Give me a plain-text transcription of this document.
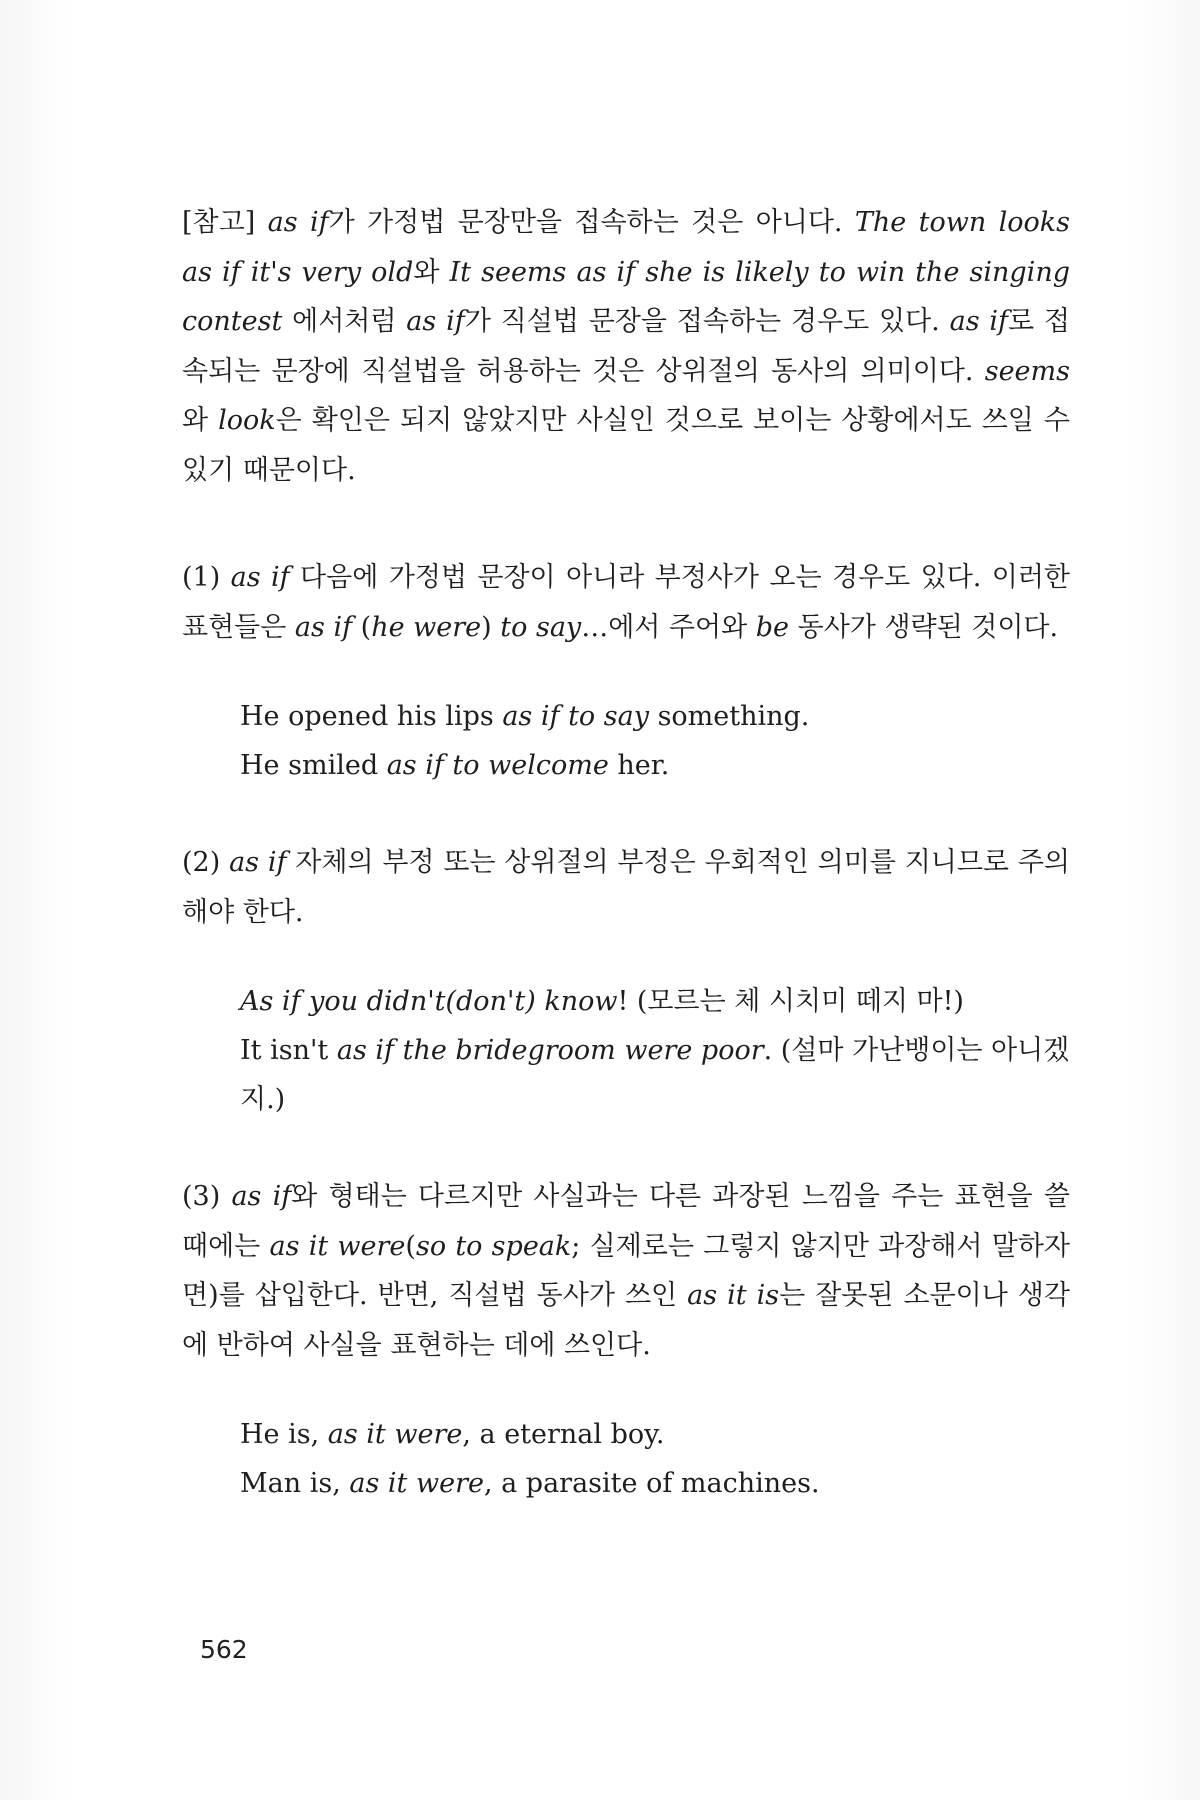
[참고] as if가 가정법 문장만을 접속하는 것은 아니다. The town looks as if it's very old와 It seems as if she is likely to win the singing contest 에서처럼 as if가 직설법 문장을 접속하는 경우도 있다. as if로 접속되는 문장에 직설법을 허용하는 것은 상위절의 동사의 의미이다. seems와 look은 확인은 되지 않았지만 사실인 것으로 보이는 상황에서도 쓰일 수 있기 때문이다.

(1) as if 다음에 가정법 문장이 아니라 부정사가 오는 경우도 있다. 이러한 표현들은 as if (he were) to say…에서 주어와 be 동사가 생략된 것이다.

He opened his lips as if to say something.
He smiled as if to welcome her.

(2) as if 자체의 부정 또는 상위절의 부정은 우회적인 의미를 지니므로 주의해야 한다.

As if you didn't(don't) know! (모르는 체 시치미 떼지 마!)
It isn't as if the bridegroom were poor. (설마 가난뱅이는 아니겠지.)

(3) as if와 형태는 다르지만 사실과는 다른 과장된 느낌을 주는 표현을 쓸 때에는 as it were(so to speak; 실제로는 그렇지 않지만 과장해서 말하자면)를 삽입한다. 반면, 직설법 동사가 쓰인 as it is는 잘못된 소문이나 생각에 반하여 사실을 표현하는 데에 쓰인다.

He is, as it were, a eternal boy.
Man is, as it were, a parasite of machines.
562
